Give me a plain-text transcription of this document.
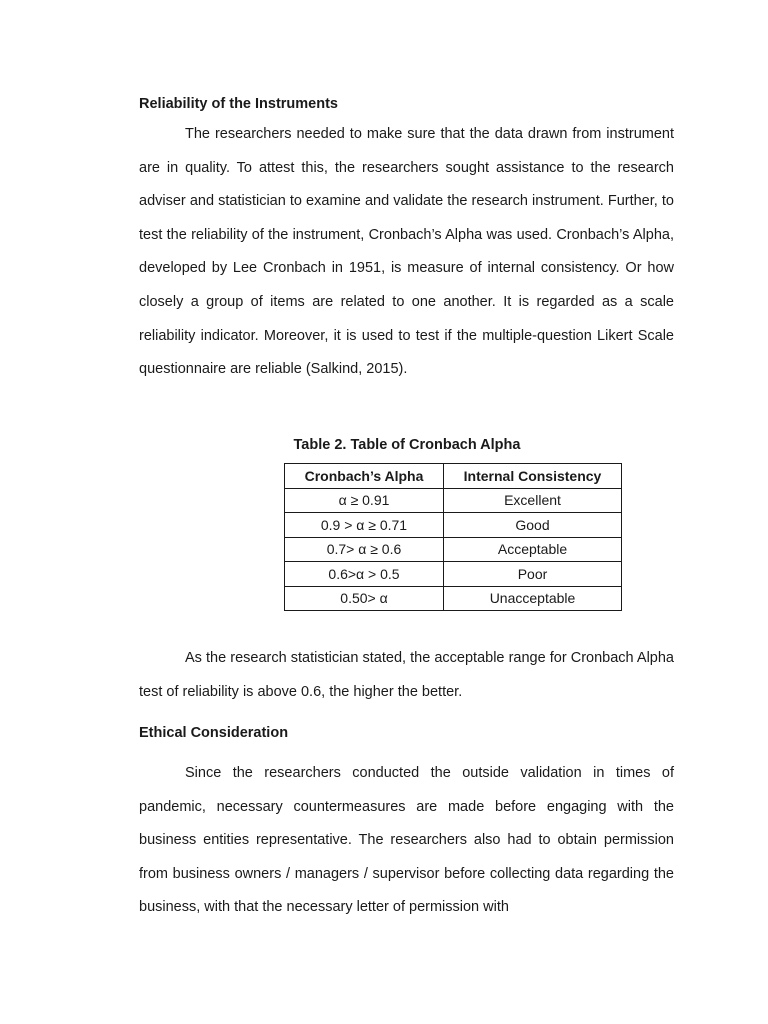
Reliability of the Instruments

The researchers needed to make sure that the data drawn from instrument are in quality. To attest this, the researchers sought assistance to the research adviser and statistician to examine and validate the research instrument. Further, to test the reliability of the instrument, Cronbach’s Alpha was used. Cronbach’s Alpha, developed by Lee Cronbach in 1951, is measure of internal consistency. Or how closely a group of items are related to one another. It is regarded as a scale reliability indicator. Moreover, it is used to test if the multiple-question Likert Scale questionnaire are reliable (Salkind, 2015).

Table 2. Table of Cronbach Alpha
Cronbach’s Alpha	Internal Consistency
α ≥ 0.91	Excellent
0.9 > α ≥ 0.71	Good
0.7> α ≥ 0.6	Acceptable
0.6>α > 0.5	Poor
0.50> α	Unacceptable

As the research statistician stated, the acceptable range for Cronbach Alpha test of reliability is above 0.6, the higher the better.

Ethical Consideration

Since the researchers conducted the outside validation in times of pandemic, necessary countermeasures are made before engaging with the business entities representative. The researchers also had to obtain permission from business owners / managers / supervisor before collecting data regarding the business, with that the necessary letter of permission with
